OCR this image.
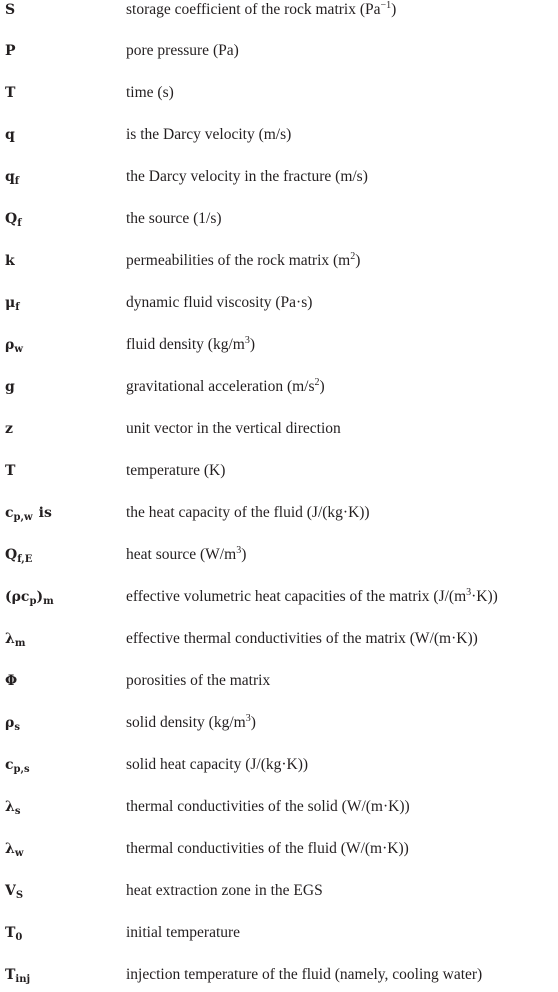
S	storage coefficient of the rock matrix $(Pa^{-1})$
P	pore pressure (Pa)
T	time (s)
q	is the Darcy velocity (m/s)
$q_f$	the Darcy velocity in the fracture (m/s)
$Q_f$	the source (1/s)
k	permeabilities of the rock matrix $(m^2)$
$\mu_f$	dynamic fluid viscosity (Pa·s)
$\rho_w$	fluid density $(kg/m^3)$
g	gravitational acceleration $(m/s^2)$
z	unit vector in the vertical direction
T	temperature (K)
$c_{p,w}$ is	the heat capacity of the fluid (J/(kg·K))
$Q_{f,E}$	heat source $(W/m^3)$
$(\rho c_p)_m$	effective volumetric heat capacities of the matrix $(J/(m^3\cdot K))$
$\lambda_m$	effective thermal conductivities of the matrix (W/(m·K))
Φ	porosities of the matrix
$\rho_s$	solid density $(kg/m^3)$
$c_{p,s}$	solid heat capacity (J/(kg·K))
$\lambda_s$	thermal conductivities of the solid (W/(m·K))
$\lambda_w$	thermal conductivities of the fluid (W/(m·K))
$V_S$	heat extraction zone in the EGS
$T_0$	initial temperature
$T_{inj}$	injection temperature of the fluid (namely, cooling water)
